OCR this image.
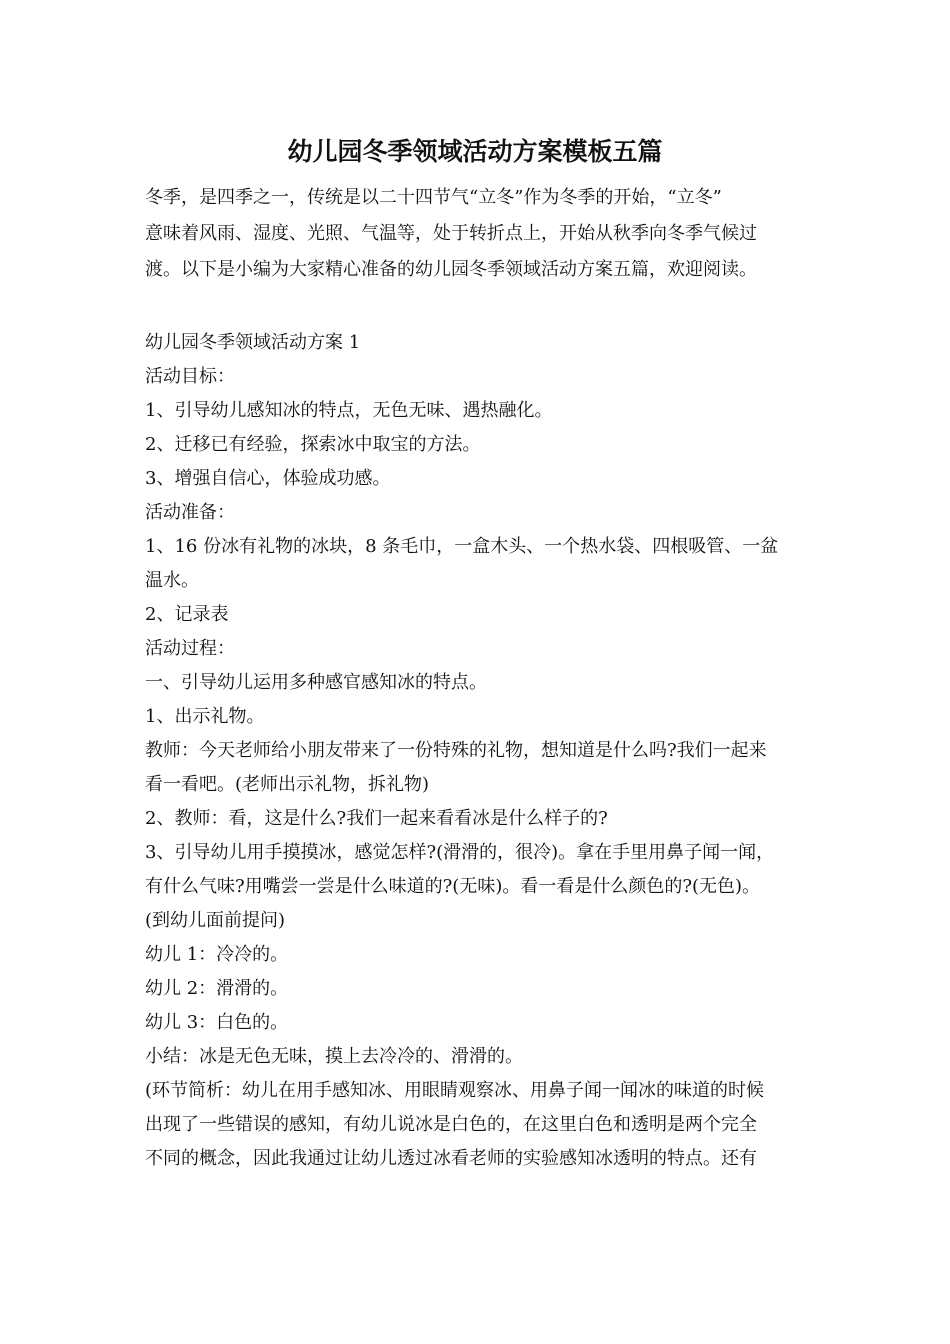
幼儿园冬季领域活动方案模板五篇

冬季，是四季之一，传统是以二十四节气“立冬”作为冬季的开始，“立冬”

意味着风雨、湿度、光照、气温等，处于转折点上，开始从秋季向冬季气候过

渡。以下是小编为大家精心准备的幼儿园冬季领域活动方案五篇，欢迎阅读。

幼儿园冬季领域活动方案 1

活动目标：

1、引导幼儿感知冰的特点，无色无味、遇热融化。

2、迁移已有经验，探索冰中取宝的方法。

3、增强自信心，体验成功感。

活动准备：

1、16 份冰有礼物的冰块，8 条毛巾，一盒木头、一个热水袋、四根吸管、一盆

温水。

2、记录表

活动过程：

一、引导幼儿运用多种感官感知冰的特点。

1、出示礼物。

教师：今天老师给小朋友带来了一份特殊的礼物，想知道是什么吗?我们一起来

看一看吧。(老师出示礼物，拆礼物)

2、教师：看，这是什么?我们一起来看看冰是什么样子的?

3、引导幼儿用手摸摸冰，感觉怎样?(滑滑的，很冷)。拿在手里用鼻子闻一闻，

有什么气味?用嘴尝一尝是什么味道的?(无味)。看一看是什么颜色的?(无色)。

(到幼儿面前提问)

幼儿 1：冷冷的。

幼儿 2：滑滑的。

幼儿 3：白色的。

小结：冰是无色无味，摸上去冷冷的、滑滑的。

(环节简析：幼儿在用手感知冰、用眼睛观察冰、用鼻子闻一闻冰的味道的时候

出现了一些错误的感知，有幼儿说冰是白色的，在这里白色和透明是两个完全

不同的概念，因此我通过让幼儿透过冰看老师的实验感知冰透明的特点。还有
